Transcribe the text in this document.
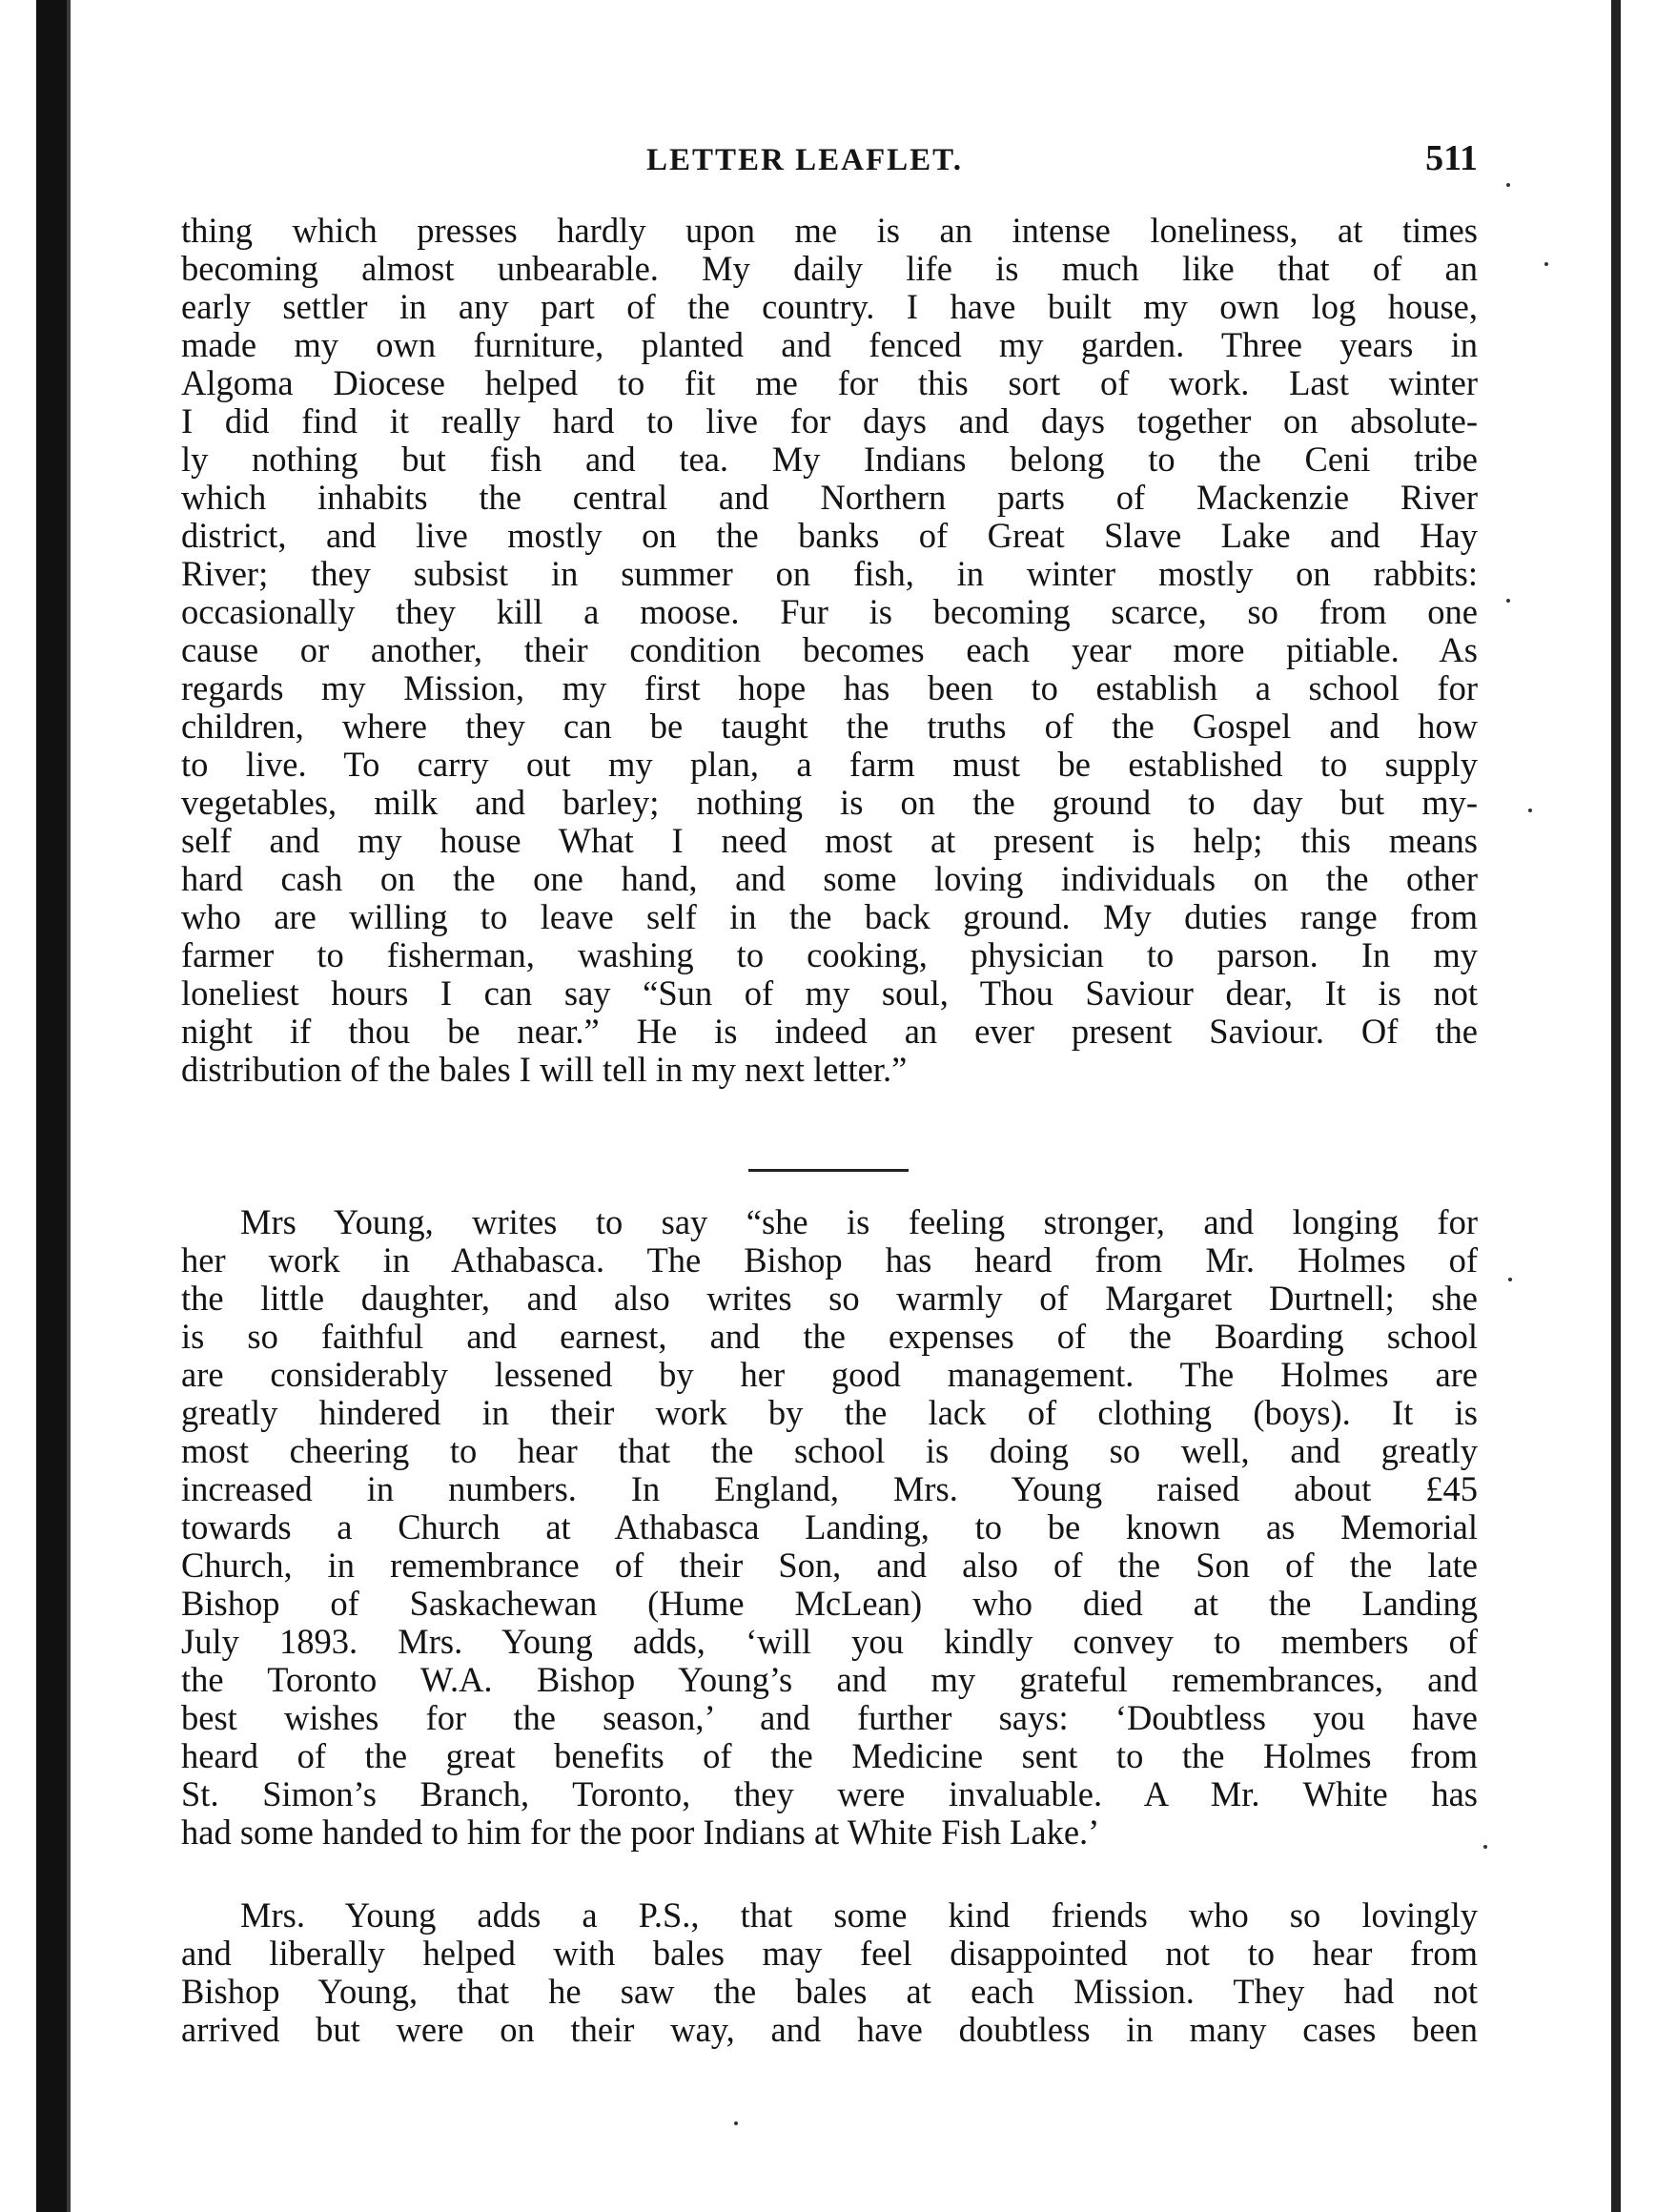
LETTER LEAFLET.	511
thing which presses hardly upon me is an intense loneliness, at times
becoming almost unbearable. My daily life is much like that of an
early settler in any part of the country. I have built my own log house,
made my own furniture, planted and fenced my garden. Three years in
Algoma Diocese helped to fit me for this sort of work. Last winter
I did find it really hard to live for days and days together on absolute-
ly nothing but fish and tea. My Indians belong to the Ceni tribe
which inhabits the central and Northern parts of Mackenzie River
district, and live mostly on the banks of Great Slave Lake and Hay
River; they subsist in summer on fish, in winter mostly on rabbits:
occasionally they kill a moose. Fur is becoming scarce, so from one
cause or another, their condition becomes each year more pitiable. As
regards my Mission, my first hope has been to establish a school for
children, where they can be taught the truths of the Gospel and how
to live. To carry out my plan, a farm must be established to supply
vegetables, milk and barley; nothing is on the ground to day but my-
self and my house What I need most at present is help; this means
hard cash on the one hand, and some loving individuals on the other
who are willing to leave self in the back ground. My duties range from
farmer to fisherman, washing to cooking, physician to parson. In my
loneliest hours I can say “Sun of my soul, Thou Saviour dear, It is not
night if thou be near.” He is indeed an ever present Saviour. Of the
distribution of the bales I will tell in my next letter.”
Mrs Young, writes to say “she is feeling stronger, and longing for
her work in Athabasca. The Bishop has heard from Mr. Holmes of
the little daughter, and also writes so warmly of Margaret Durtnell; she
is so faithful and earnest, and the expenses of the Boarding school
are considerably lessened by her good management. The Holmes are
greatly hindered in their work by the lack of clothing (boys). It is
most cheering to hear that the school is doing so well, and greatly
increased in numbers. In England, Mrs. Young raised about £45
towards a Church at Athabasca Landing, to be known as Memorial
Church, in remembrance of their Son, and also of the Son of the late
Bishop of Saskachewan (Hume McLean) who died at the Landing
July 1893. Mrs. Young adds, ‘will you kindly convey to members of
the Toronto W.A. Bishop Young’s and my grateful remembrances, and
best wishes for the season,’ and further says: ‘Doubtless you have
heard of the great benefits of the Medicine sent to the Holmes from
St. Simon’s Branch, Toronto, they were invaluable. A Mr. White has
had some handed to him for the poor Indians at White Fish Lake.’
Mrs. Young adds a P.S., that some kind friends who so lovingly
and liberally helped with bales may feel disappointed not to hear from
Bishop Young, that he saw the bales at each Mission. They had not
arrived but were on their way, and have doubtless in many cases been
